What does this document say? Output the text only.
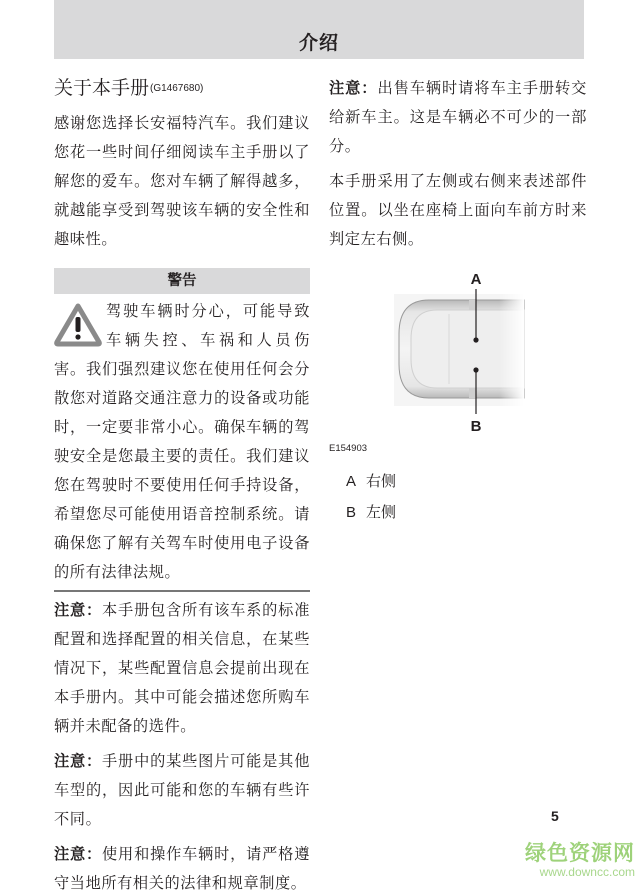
介绍
关于本手册(G1467680)

感谢您选择长安福特汽车。我们建议您花一些时间仔细阅读车主手册以了解您的爱车。您对车辆了解得越多，就越能享受到驾驶该车辆的安全性和趣味性。

警告

驾驶车辆时分心，可能导致车辆失控、车祸和人员伤害。我们强烈建议您在使用任何会分散您对道路交通注意力的设备或功能时，一定要非常小心。确保车辆的驾驶安全是您最主要的责任。我们建议您在驾驶时不要使用任何手持设备，希望您尽可能使用语音控制系统。请确保您了解有关驾车时使用电子设备的所有法律法规。

注意：本手册包含所有该车系的标准配置和选择配置的相关信息，在某些情况下，某些配置信息会提前出现在本手册内。其中可能会描述您所购车辆并未配备的选件。

注意：手册中的某些图片可能是其他车型的，因此可能和您的车辆有些许不同。

注意：使用和操作车辆时，请严格遵守当地所有相关的法律和规章制度。

注意：出售车辆时请将车主手册转交给新车主。这是车辆必不可少的一部分。

本手册采用了左侧或右侧来表述部件位置。以坐在座椅上面向车前方时来判定左右侧。

A
B
E154903
A 右侧
B 左侧
5
绿色资源网
www.downcc.com
